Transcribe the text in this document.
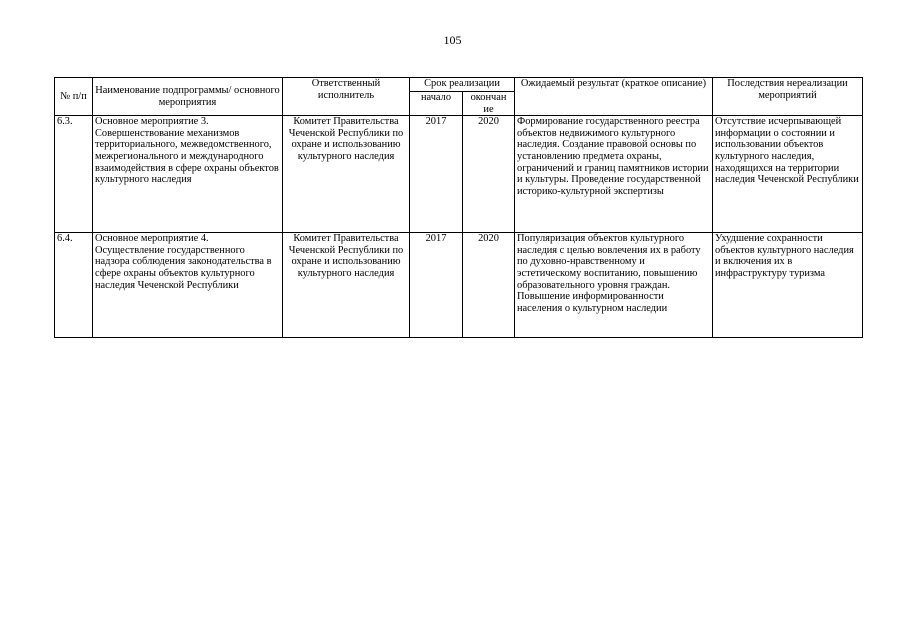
105
№ п/п	Наименование подпрограммы/ основного мероприятия	Ответственный исполнитель	Срок реализации		Ожидаемый результат (краткое описание)	Последствия нереализации мероприятий
			начало	окончан ие		
6.3.	Основное мероприятие 3. Совершенствование механизмов территориального, межведомственного, межрегионального и международного взаимодействия в сфере охраны объектов культурного наследия	Комитет Правительства Чеченской Республики по охране и использованию культурного наследия	2017	2020	Формирование государственного реестра объектов недвижимого культурного наследия. Создание правовой основы по установлению предмета охраны, ограничений и границ памятников истории и культуры. Проведение государственной историко-культурной экспертизы	Отсутствие исчерпывающей информации о состоянии и использовании объектов культурного наследия, находящихся на территории наследия Чеченской Республики
6.4.	Основное мероприятие 4. Осуществление государственного надзора соблюдения законодательства в сфере охраны объектов культурного наследия Чеченской Республики	Комитет Правительства Чеченской Республики по охране и использованию культурного наследия	2017	2020	Популяризация объектов культурного наследия с целью вовлечения их в работу по духовно-нравственному и эстетическому воспитанию, повышению образовательного уровня граждан. Повышение информированности населения о культурном наследии	Ухудшение сохранности объектов культурного наследия и включения их в инфраструктуру туризма
